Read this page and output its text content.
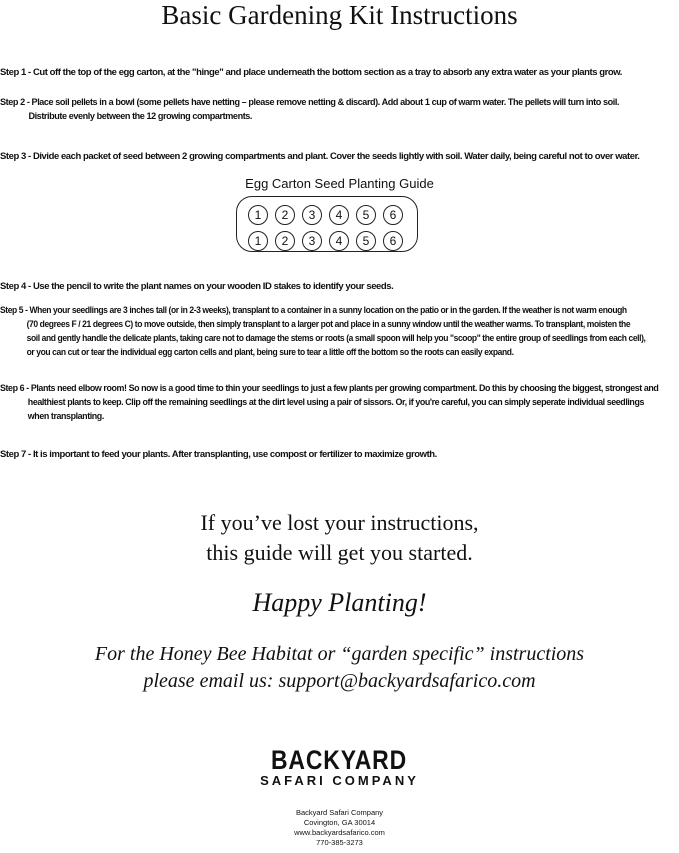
Basic Gardening Kit Instructions
Step 1 - Cut off the top of the egg carton, at the "hinge" and place underneath the bottom section as a tray to absorb any extra water as your plants grow.
Step 2 - Place soil pellets in a bowl (some pellets have netting – please remove netting & discard). Add about 1 cup of warm water. The pellets will turn into soil.
Distribute evenly between the 12 growing compartments.
Step 3 - Divide each packet of seed between 2 growing compartments and plant. Cover the seeds lightly with soil. Water daily, being careful not to over water.
Egg Carton Seed Planting Guide
1	2	3	4	5	6
1	2	3	4	5	6
Step 4 - Use the pencil to write the plant names on your wooden ID stakes to identify your seeds.
Step 5 - When your seedlings are 3 inches tall (or in 2-3 weeks), transplant to a container in a sunny location on the patio or in the garden. If the weather is not warm enough
(70 degrees F / 21 degrees C) to move outside, then simply transplant to a larger pot and place in a sunny window until the weather warms. To transplant, moisten the
soil and gently handle the delicate plants, taking care not to damage the stems or roots (a small spoon will help you "scoop" the entire group of seedlings from each cell),
or you can cut or tear the individual egg carton cells and plant, being sure to tear a little off the bottom so the roots can easily expand.
Step 6 - Plants need elbow room! So now is a good time to thin your seedlings to just a few plants per growing compartment. Do this by choosing the biggest, strongest and
healthiest plants to keep. Clip off the remaining seedlings at the dirt level using a pair of sissors. Or, if you're careful, you can simply seperate individual seedlings
when transplanting.
Step 7 - It is important to feed your plants. After transplanting, use compost or fertilizer to maximize growth.
If you’ve lost your instructions,
this guide will get you started.
Happy Planting!
For the Honey Bee Habitat or “garden specific” instructions
please email us: support@backyardsafarico.com
BACKYARD
SAFARI COMPANY
Backyard Safari Company
Covington, GA 30014
www.backyardsafarico.com
770-385-3273
